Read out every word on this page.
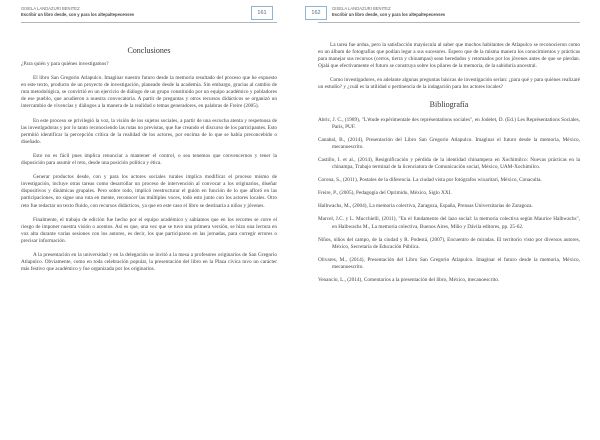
GISELA LANDAZURI BENITEZ
Escribir un libro desde, con y para los altepaltepecenses	161
Conclusiones

¿Para quién y para quiénes investigamos?

El libro San Gregorio Atlapulco. Imaginar nuestro futuro desde la memoria resultado del proceso que he expuesto en este texto, producto de un proyecto de investigación, planeado desde la academia. Sin embargo, gracias al cambio de ruta metodológica, se convirtió en un ejercicio de diálogo de un grupo constituido por un equipo académico y pobladores de ese pueblo, que acudieron a nuestra convocatoria. A partir de preguntas y otros recursos didácticos se organizó un intercambio de vivencias y diálogos a la manera de la realidad o temas generadores, en palabras de Freire (2005).

En este proceso se privilegió la voz, la visión de los sujetos sociales, a partir de una escucha atenta y respetuosa de las investigadoras y por lo tanto reconociendo las rutas no previstas, que fue creando el discurso de los participantes. Esto permitió identificar la percepción crítica de la realidad de los actores, por encima de lo que se había preconcebido o diseñado.

Esto no es fácil pues implica renunciar a mantener el control, o sea tenemos que convencernos y tener la disposición para asumir el reto, desde una posición política y ética.

Generar productos desde, con y para los actores sociales rurales implica modificar el proceso mismo de investigación, incluye otras tareas como desarrollar un proceso de intervención al convocar a los originarios, diseñar dispositivos y dinámicas grupales. Pero sobre todo, implicó reestructurar el guión en función de lo que afloró en las participaciones, no sigue una ruta en mente, reconocer las múltiples voces, todo esto junto con los actores locales. Otro reto fue redactar un texto fluido, con recursos didácticos, ya que en este caso el libro se destinaría a niños y jóvenes.

Finalmente, el trabajo de edición fue hecho por el equipo académico y sabíamos que en los recortes se corre el riesgo de imponer nuestra visión o acentos. Así es que, una vez que se tuvo una primera versión, se hizo una lectura en voz alta durante varias sesiones con los autores, es decir, los que participaron en las jornadas, para corregir errores o precisar información.

A la presentación en la universidad y en la delegación se invitó a la mesa a profesores originarios de San Gregorio Atlapulco. Obviamente, como en toda celebración popular, la presentación del libro en la Plaza cívica tuvo un carácter más festivo que académico y fue organizada por los originarios.

162
GISELA LANDAZURI BENITEZ
Escribir un libro desde, con y para los altepaltepecenses

La tarea fue ardua, pero la satisfacción mayúscula al saber que muchos habitantes de Atlapulco se reconocieron como en un álbum de fotografías que podían legar a sus sucesores. Espero que de la misma manera los conocimientos y prácticas para manejar sus recursos (cerros, tierra y chinampas) sean heredados y retomados por los jóvenes antes de que se pierdan. Ojalá que efectivamente el futuro se construya sobre los pilares de la memoria, de la sabiduría ancestral.

Como investigadores, en adelante algunas preguntas básicas de investigación serían: ¿para qué y para quiénes realizaré un estudio? y ¿cuál es la utilidad o pertinencia de la indagación para los actores locales?

Bibliografía
Abric, J. C., (1989), "L'étude expérimentale des représentations sociales", en Jodelet, D. (Ed.) Les Représentations Sociales, París, PUF.
Canabal, B., (2014), Presentación del Libro San Gregorio Atlapulco. Imaginar el futuro desde la memoria, México, mecanoescrito.
Castillo, I. et al., (2014), Resignificación y pérdida de la identidad chinampera en Xochimilco: Nuevas prácticas en la chinampa, Trabajo terminal de la licenciatura de Comunicación social, México, UAM-Xochimilco.
Corona, S., (2011), Postales de la diferencia. La ciudad vista por fotógrafos wixaritari, México, Conaculta.
Freire, P., (2005), Pedagogía del Oprimido, México, Siglo XXI.
Halbwachs, M., (2004), La memoria colectiva, Zaragoza, España, Prensas Universitarias de Zaragoza.
Marcel, J.C. y L. Mucchielli, (2011), "En el fundamento del lazo social: la memoria colectiva según Maurice Halbwachs", en Halbwachs M., La memoria colectiva, Buenos Aires, Miño y Dávila editores, pp. 25-62.
Niños, niños del campo, de la ciudad y R. Podestá, (2007), Encuentro de miradas. El territorio visto por diversos autores, México, Secretaría de Educación Pública.
Olivares, M., (2014), Presentación del Libro San Gregorio Atlapulco. Imaginar el futuro desde la memoria, México, mecanoescrito.
Venancio, L., (2014), Comentarios a la presentación del libro, México, mecanoescrito.
